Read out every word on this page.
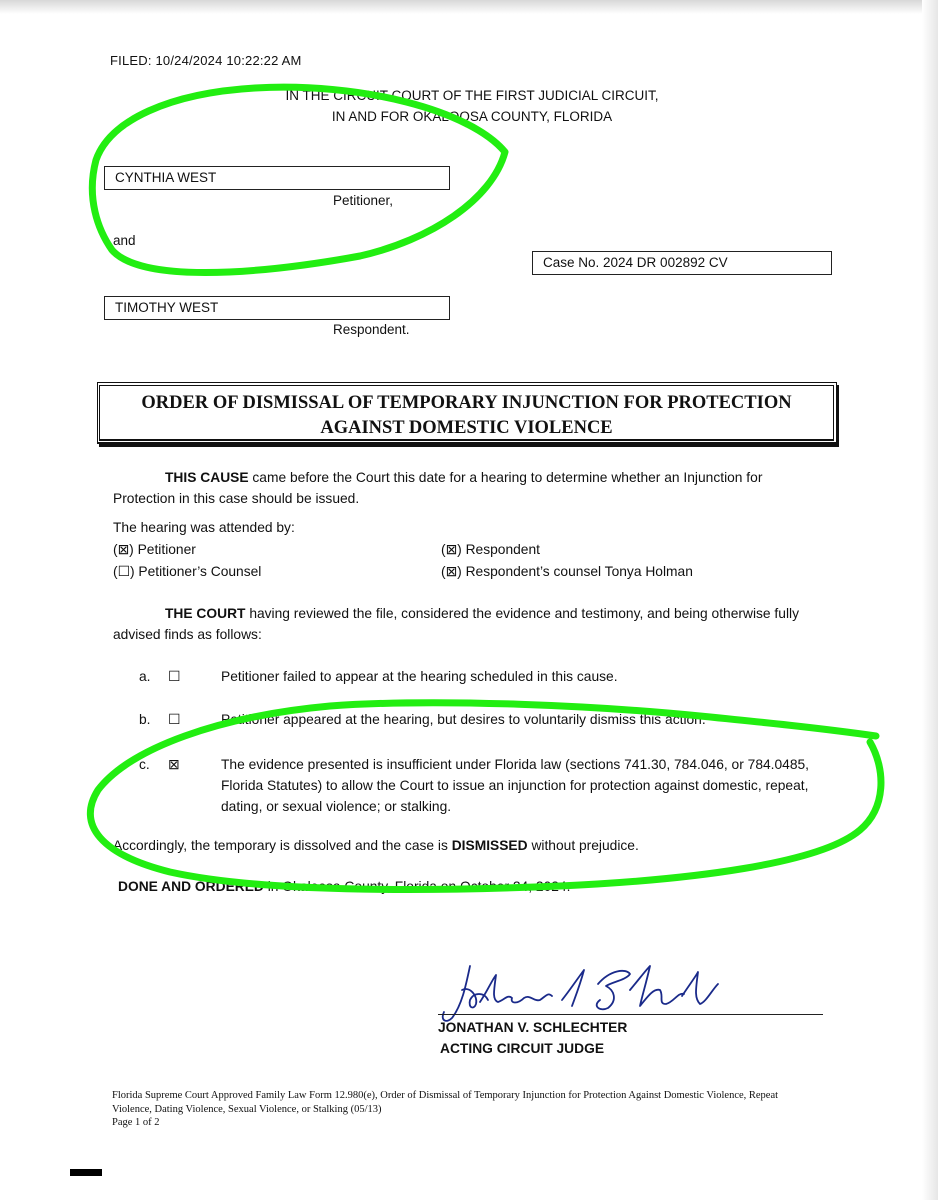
FILED: 10/24/2024 10:22:22 AM
IN THE CIRCUIT COURT OF THE FIRST JUDICIAL CIRCUIT,
IN AND FOR OKALOOSA COUNTY, FLORIDA
CYNTHIA WEST
Petitioner,
and
Case No. 2024 DR 002892 CV
TIMOTHY WEST
Respondent.
ORDER OF DISMISSAL OF TEMPORARY INJUNCTION FOR PROTECTION
AGAINST DOMESTIC VIOLENCE
THIS CAUSE came before the Court this date for a hearing to determine whether an Injunction for Protection in this case should be issued.
The hearing was attended by:
(⊠) Petitioner	(⊠) Respondent
(☐) Petitioner’s Counsel	(⊠) Respondent’s counsel Tonya Holman
THE COURT having reviewed the file, considered the evidence and testimony, and being otherwise fully advised finds as follows:
a. ☐	Petitioner failed to appear at the hearing scheduled in this cause.
b. ☐	Petitioner appeared at the hearing, but desires to voluntarily dismiss this action.
c. ⊠	The evidence presented is insufficient under Florida law (sections 741.30, 784.046, or 784.0485, Florida Statutes) to allow the Court to issue an injunction for protection against domestic, repeat, dating, or sexual violence; or stalking.
Accordingly, the temporary is dissolved and the case is DISMISSED without prejudice.
DONE AND ORDERED in Okaloosa County, Florida on October 24, 2024.
JONATHAN V. SCHLECHTER
ACTING CIRCUIT JUDGE
Florida Supreme Court Approved Family Law Form 12.980(e), Order of Dismissal of Temporary Injunction for Protection Against Domestic Violence, Repeat Violence, Dating Violence, Sexual Violence, or Stalking (05/13)
Page 1 of 2
